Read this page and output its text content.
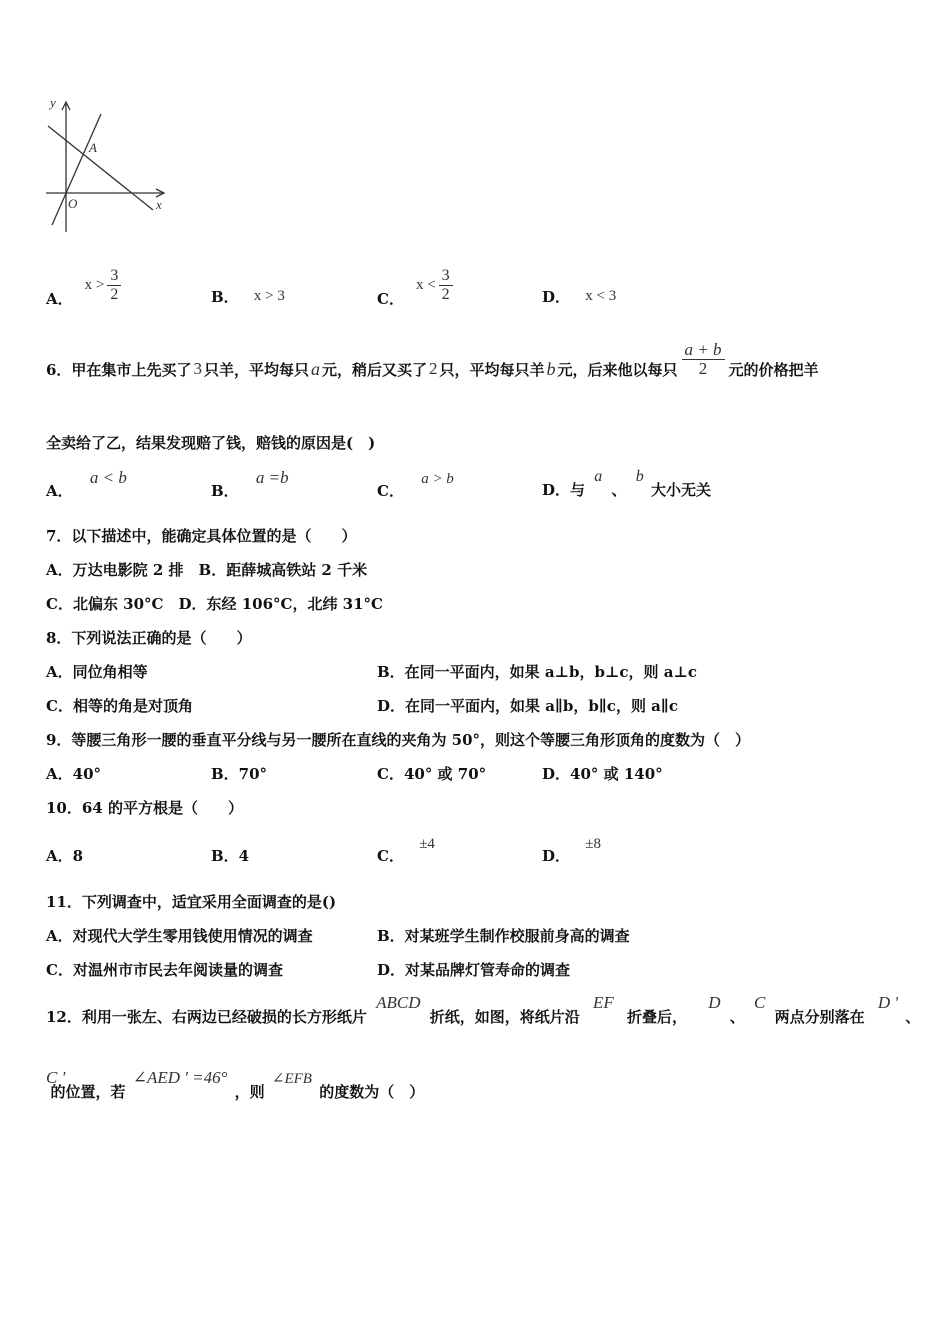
y
x
O
A
A．
$x > \frac{3}{2}$	B． x > 3	C．
$x < \frac{3}{2}$	D． x < 3
6．甲在集市上先买了 3 只羊，平均每只 a 元，稍后又买了 2 只，平均每只羊 b 元，后来他以每只 $\frac{a + b}{2}$ 元的价格把羊
全卖给了乙，结果发现赔了钱，赔钱的原因是(　)
A． a < b
B． a =b
C． a > b
D．与 a 、 b 大小无关
7．以下描述中，能确定具体位置的是（　　）
A．万达电影院 2 排　B．距薛城高铁站 2 千米
C．北偏东 30°C　D．东经 106°C，北纬 31°C
8．下列说法正确的是（　　）
A．同位角相等	B．在同一平面内，如果 a⊥b，b⊥c，则 a⊥c
C．相等的角是对顶角	D．在同一平面内，如果 a∥b，b∥c，则 a∥c
9．等腰三角形一腰的垂直平分线与另一腰所在直线的夹角为 50°，则这个等腰三角形顶角的度数为（　）
A．40°	B．70°	C．40° 或 70°	D．40° 或 140°
10．64 的平方根是（　　）
A．8	B．4	C． ±4
D． ±8
11．下列调查中，适宜采用全面调查的是()
A．对现代大学生零用钱使用情况的调查	B．对某班学生制作校服前身高的调查
C．对温州市市民去年阅读量的调查	D．对某品牌灯管寿命的调查
12．利用一张左、右两边已经破损的长方形纸片 ABCD 折纸，如图，将纸片沿 EF 折叠后， D 、 C 两点分别落在 D ' 、
C ' 的位置，若 ∠AED ' =46° ，则 ∠EFB 的度数为（　）
